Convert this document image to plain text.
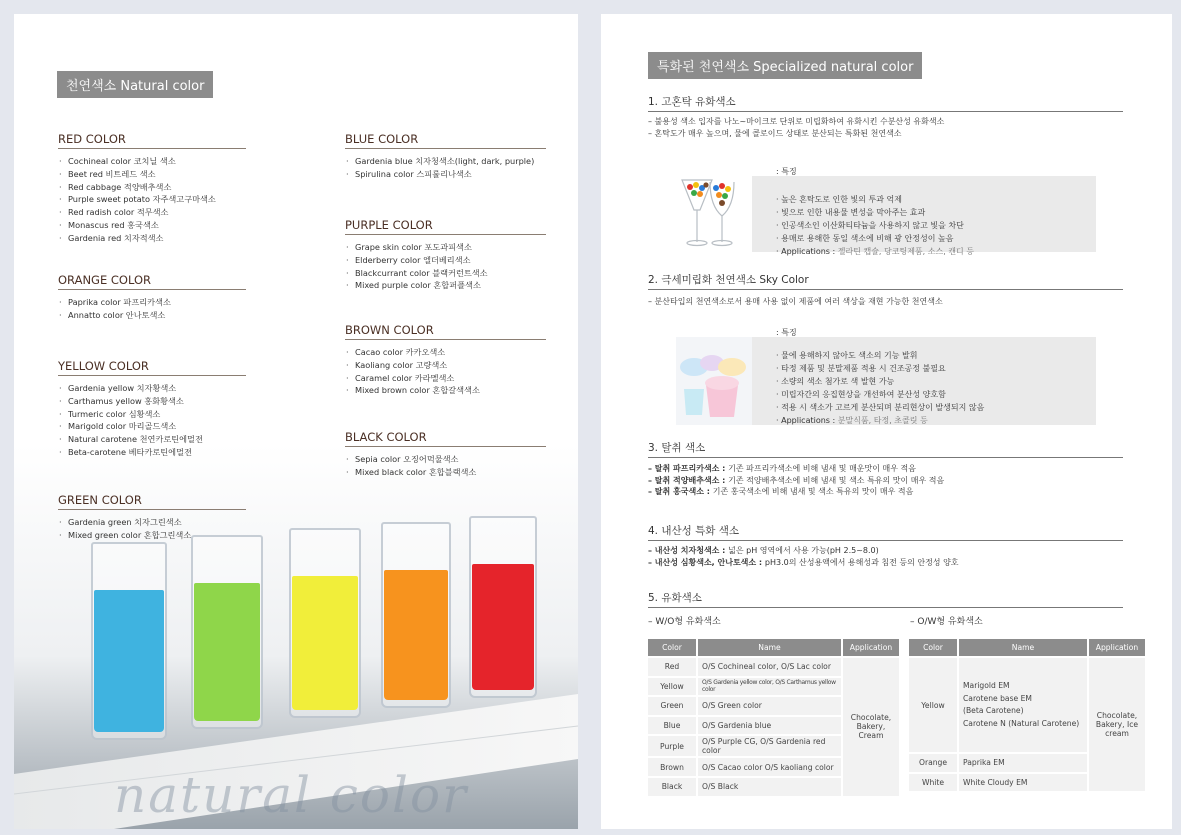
natural color
천연색소 Natural color
RED COLOR
· Cochineal color 코치닐 색소
· Beet red 비트레드 색소
· Red cabbage 적양배추색소
· Purple sweet potato 자주색고구마색소
· Red radish color 적무색소
· Monascus red 홍국색소
· Gardenia red 치자적색소
ORANGE COLOR
· Paprika color 파프리카색소
· Annatto color 안나토색소
YELLOW COLOR
· Gardenia yellow 치자황색소
· Carthamus yellow 홍화황색소
· Turmeric color 심황색소
· Marigold color 마리골드색소
· Natural carotene 천연카로틴에멀젼
· Beta-carotene 베타카로틴에멀젼
GREEN COLOR
· Gardenia green 치자그린색소
· Mixed green color 혼합그린색소
BLUE COLOR
· Gardenia blue 치자청색소(light, dark, purple)
· Spirulina color 스피룰리나색소
PURPLE COLOR
· Grape skin color 포도과피색소
· Elderberry color 엘더베리색소
· Blackcurrant color 블랙커런트색소
· Mixed purple color 혼합퍼플색소
BROWN COLOR
· Cacao color 카카오색소
· Kaoliang color 고량색소
· Caramel color 카라멜색소
· Mixed brown color 혼합갈색색소
BLACK COLOR
· Sepia color 오징어먹물색소
· Mixed black color 혼합블랙색소
특화된 천연색소 Specialized natural color
1. 고혼탁 유화색소
– 불용성 색소 입자를 나노~마이크로 단위로 미립화하여 유화시킨 수분산성 유화색소
– 혼탁도가 매우 높으며, 물에 콜로이드 상태로 분산되는 특화된 천연색소
: 특징
· 높은 혼탁도로 인한 빛의 투과 억제
· 빛으로 인한 내용물 변성을 막아주는 효과
· 인공색소인 이산화티타늄을 사용하지 않고 빛을 차단
· 용매로 용해한 동일 색소에 비해 광 안정성이 높음
· Applications : 젤라틴 캡슐, 당코팅제품, 소스, 캔디 등
2. 극세미립화 천연색소 Sky Color
– 분산타입의 천연색소로서 용매 사용 없이 제품에 여러 색상을 재현 가능한 천연색소
: 특징
· 물에 용해하지 않아도 색소의 기능 발휘
· 타정 제품 및 분말제품 적용 시 건조공정 불필요
· 소량의 색소 첨가로 색 발현 가능
· 미립자간의 응집현상을 개선하여 분산성 양호함
· 적용 시 색소가 고르게 분산되며 분리현상이 발생되지 않음
· Applications : 분말식품, 타정, 초콜릿 등
3. 탈취 색소
– 탈취 파프리카색소 : 기존 파프리카색소에 비해 냄새 및 매운맛이 매우 적음
– 탈취 적양배추색소 : 기존 적양배추색소에 비해 냄새 및 색소 특유의 맛이 매우 적음
– 탈취 홍국색소 : 기존 홍국색소에 비해 냄새 및 색소 특유의 맛이 매우 적음
4. 내산성 특화 색소
– 내산성 치자청색소 : 넓은 pH 영역에서 사용 가능(pH 2.5~8.0)
– 내산성 심황색소, 안나토색소 : pH3.0의 산성용액에서 용해성과 침전 등의 안정성 양호
5. 유화색소
– W/O형 유화색소	– O/W형 유화색소
Color	Name	Application
Red	O/S Cochineal color, O/S Lac color	Chocolate, Bakery, Cream
Yellow	O/S Gardenia yellow color, O/S Carthamus yellow color	
Green	O/S Green color	
Blue	O/S Gardenia blue	
Purple	O/S Purple CG, O/S Gardenia red color	
Brown	O/S Cacao color O/S kaoliang color	
Black	O/S Black	
Color	Name	Application
Yellow	Marigold EM
Carotene base EM
(Beta Carotene)
Carotene N (Natural Carotene)	Chocolate, Bakery, Ice cream
Orange	Paprika EM	
White	White Cloudy EM	
